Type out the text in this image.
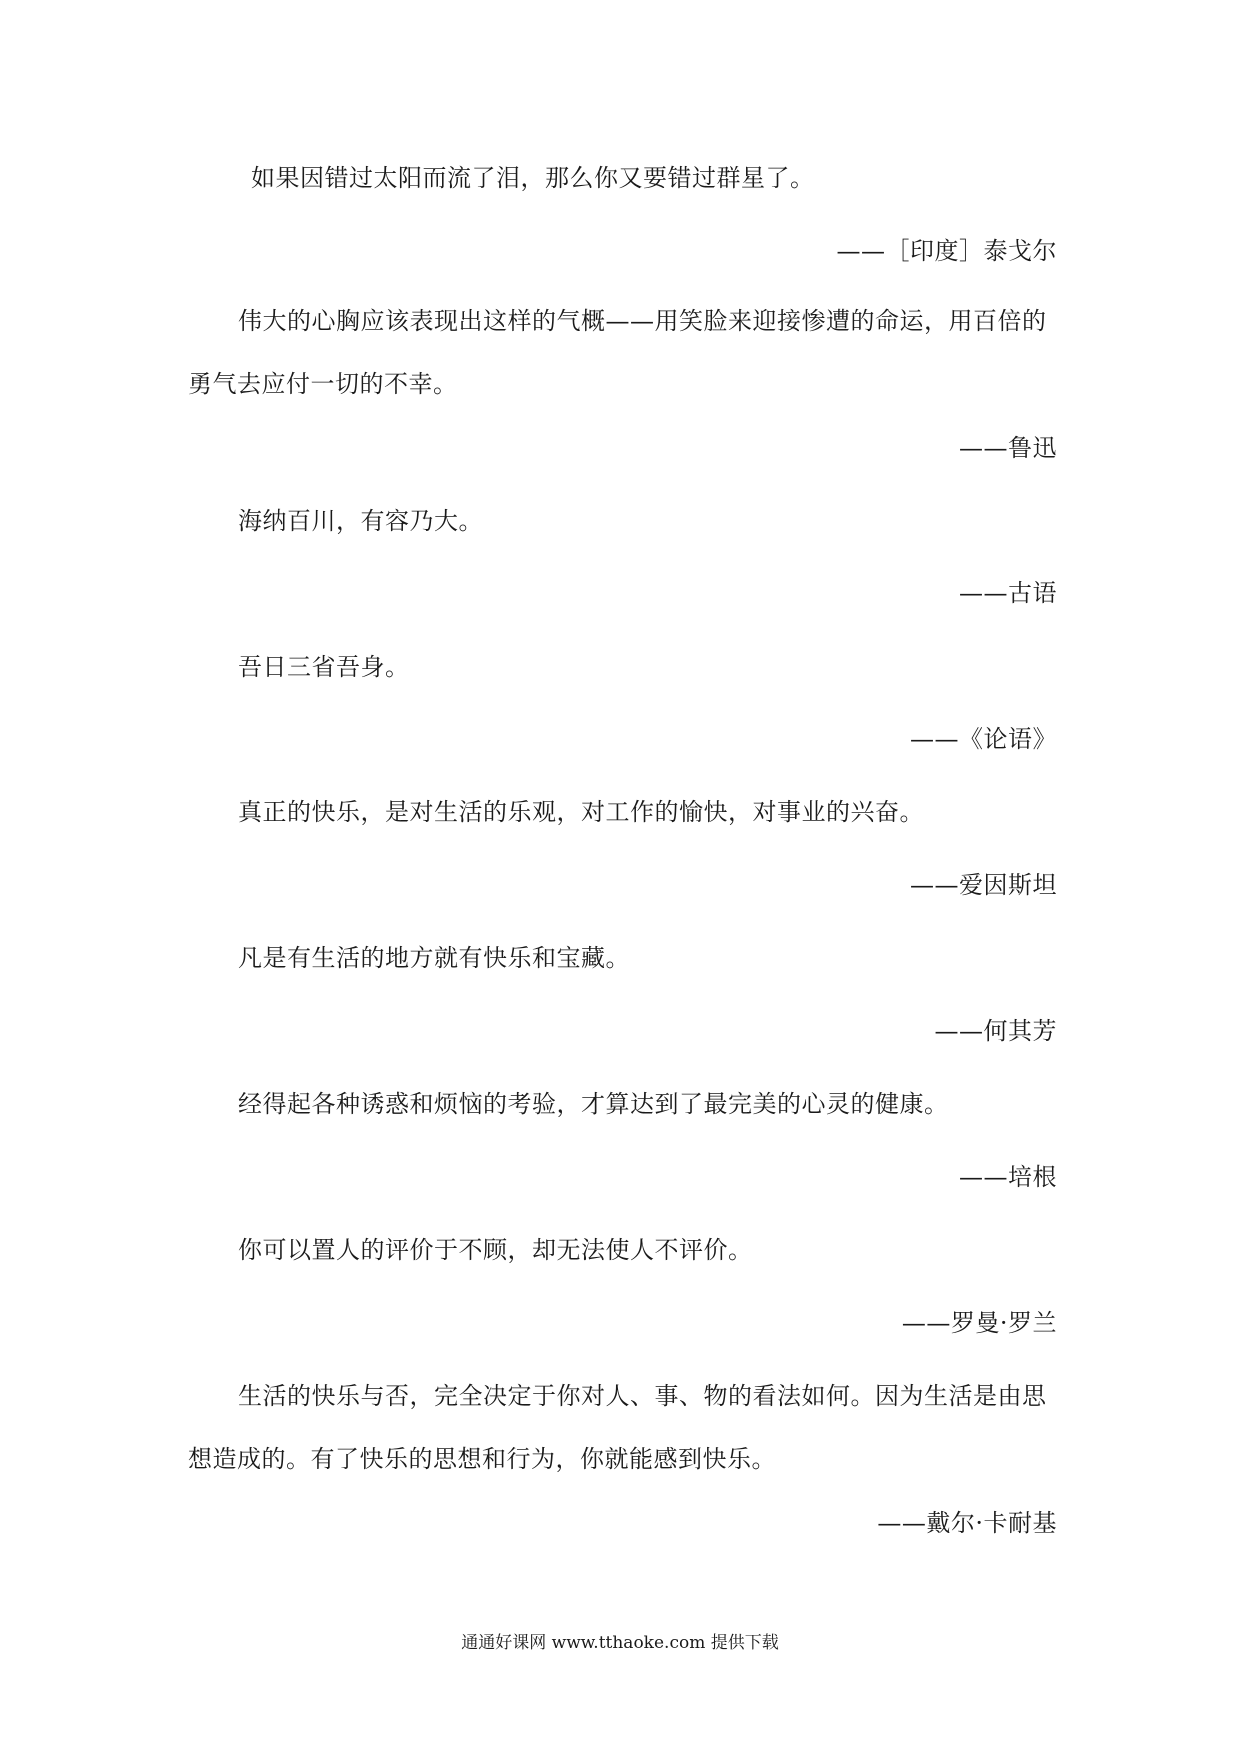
如果因错过太阳而流了泪，那么你又要错过群星了。

——［印度］泰戈尔

伟大的心胸应该表现出这样的气概——用笑脸来迎接惨遭的命运，用百倍的勇气去应付一切的不幸。

——鲁迅

海纳百川，有容乃大。

——古语

吾日三省吾身。

——《论语》

真正的快乐，是对生活的乐观，对工作的愉快，对事业的兴奋。

——爱因斯坦

凡是有生活的地方就有快乐和宝藏。

——何其芳

经得起各种诱惑和烦恼的考验，才算达到了最完美的心灵的健康。

——培根

你可以置人的评价于不顾，却无法使人不评价。

——罗曼·罗兰

生活的快乐与否，完全决定于你对人、事、物的看法如何。因为生活是由思想造成的。有了快乐的思想和行为，你就能感到快乐。

——戴尔·卡耐基

通通好课网 www.tthaoke.com 提供下载
